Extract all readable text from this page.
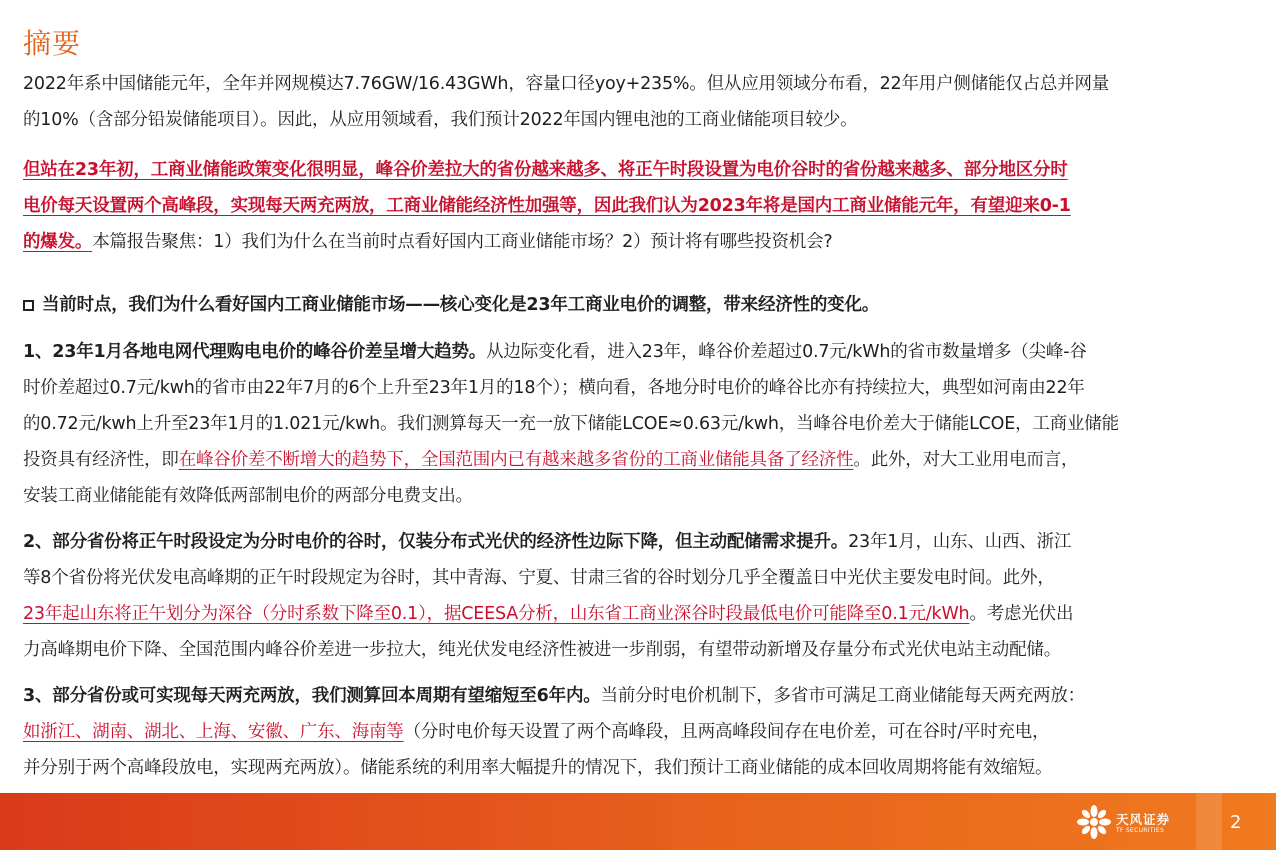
摘要
2022年系中国储能元年，全年并网规模达7.76GW/16.43GWh，容量口径yoy+235%。但从应用领域分布看，22年用户侧储能仅占总并网量
的10%（含部分铅炭储能项目）。因此，从应用领域看，我们预计2022年国内锂电池的工商业储能项目较少。
但站在23年初，工商业储能政策变化很明显，峰谷价差拉大的省份越来越多、将正午时段设置为电价谷时的省份越来越多、部分地区分时
电价每天设置两个高峰段，实现每天两充两放，工商业储能经济性加强等，因此我们认为2023年将是国内工商业储能元年，有望迎来0-1
的爆发。本篇报告聚焦：1）我们为什么在当前时点看好国内工商业储能市场？2）预计将有哪些投资机会?
当前时点，我们为什么看好国内工商业储能市场——核心变化是23年工商业电价的调整，带来经济性的变化。
1、23年1月各地电网代理购电电价的峰谷价差呈增大趋势。从边际变化看，进入23年，峰谷价差超过0.7元/kWh的省市数量增多（尖峰-谷
时价差超过0.7元/kwh的省市由22年7月的6个上升至23年1月的18个）；横向看，各地分时电价的峰谷比亦有持续拉大，典型如河南由22年
的0.72元/kwh上升至23年1月的1.021元/kwh。我们测算每天一充一放下储能LCOE≈0.63元/kwh，当峰谷电价差大于储能LCOE，工商业储能
投资具有经济性，即在峰谷价差不断增大的趋势下，全国范围内已有越来越多省份的工商业储能具备了经济性。此外，对大工业用电而言，
安装工商业储能能有效降低两部制电价的两部分电费支出。
2、部分省份将正午时段设定为分时电价的谷时，仅装分布式光伏的经济性边际下降，但主动配储需求提升。23年1月，山东、山西、浙江
等8个省份将光伏发电高峰期的正午时段规定为谷时，其中青海、宁夏、甘肃三省的谷时划分几乎全覆盖日中光伏主要发电时间。此外，
23年起山东将正午划分为深谷（分时系数下降至0.1），据CEESA分析，山东省工商业深谷时段最低电价可能降至0.1元/kWh。考虑光伏出
力高峰期电价下降、全国范围内峰谷价差进一步拉大，纯光伏发电经济性被进一步削弱，有望带动新增及存量分布式光伏电站主动配储。
3、部分省份或可实现每天两充两放，我们测算回本周期有望缩短至6年内。当前分时电价机制下，多省市可满足工商业储能每天两充两放：
如浙江、湖南、湖北、上海、安徽、广东、海南等（分时电价每天设置了两个高峰段，且两高峰段间存在电价差，可在谷时/平时充电，
并分别于两个高峰段放电，实现两充两放）。储能系统的利用率大幅提升的情况下，我们预计工商业储能的成本回收周期将能有效缩短。
天风证券
TF SECURITIES	2
